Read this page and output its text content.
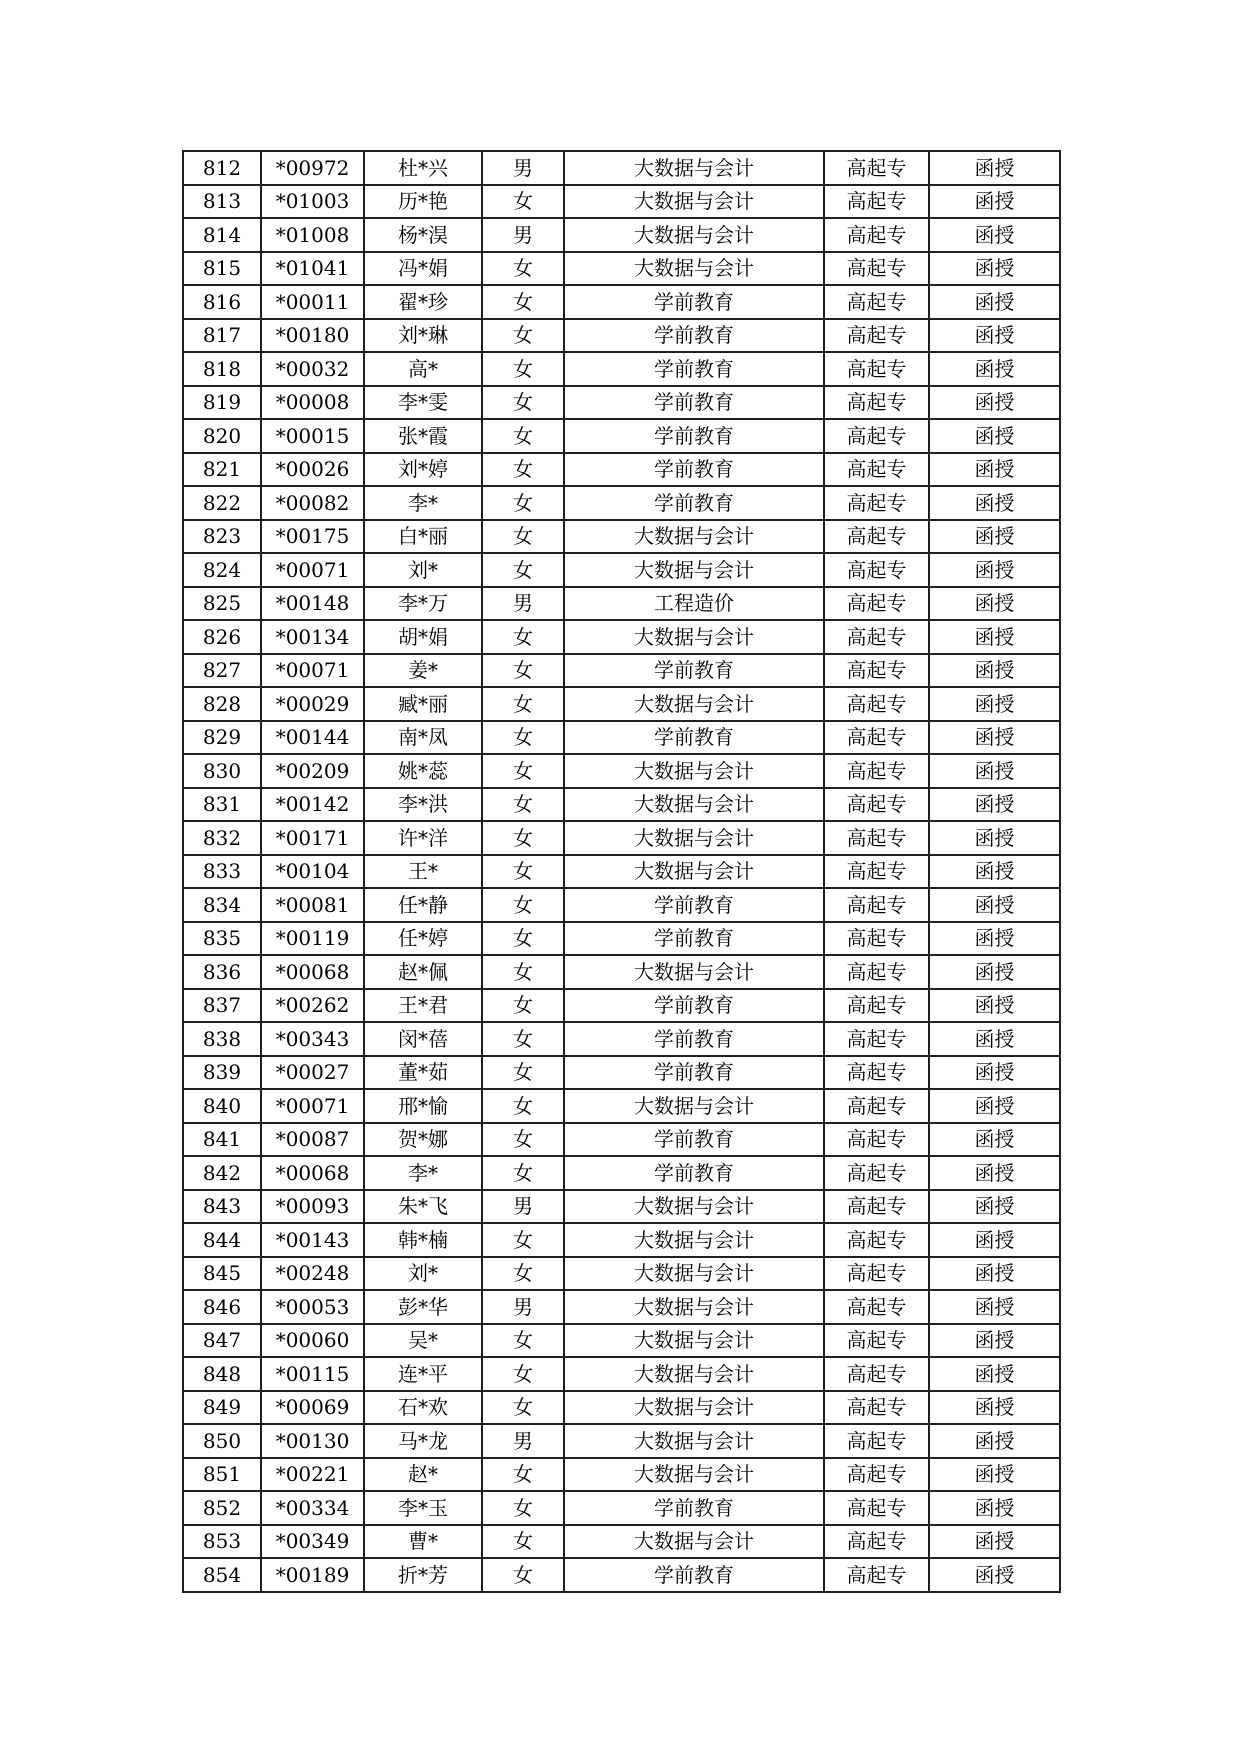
812	*00972	杜*兴	男	大数据与会计	高起专	函授
813	*01003	历*艳	女	大数据与会计	高起专	函授
814	*01008	杨*淏	男	大数据与会计	高起专	函授
815	*01041	冯*娟	女	大数据与会计	高起专	函授
816	*00011	翟*珍	女	学前教育	高起专	函授
817	*00180	刘*琳	女	学前教育	高起专	函授
818	*00032	高*	女	学前教育	高起专	函授
819	*00008	李*雯	女	学前教育	高起专	函授
820	*00015	张*霞	女	学前教育	高起专	函授
821	*00026	刘*婷	女	学前教育	高起专	函授
822	*00082	李*	女	学前教育	高起专	函授
823	*00175	白*丽	女	大数据与会计	高起专	函授
824	*00071	刘*	女	大数据与会计	高起专	函授
825	*00148	李*万	男	工程造价	高起专	函授
826	*00134	胡*娟	女	大数据与会计	高起专	函授
827	*00071	姜*	女	学前教育	高起专	函授
828	*00029	臧*丽	女	大数据与会计	高起专	函授
829	*00144	南*凤	女	学前教育	高起专	函授
830	*00209	姚*蕊	女	大数据与会计	高起专	函授
831	*00142	李*洪	女	大数据与会计	高起专	函授
832	*00171	许*洋	女	大数据与会计	高起专	函授
833	*00104	王*	女	大数据与会计	高起专	函授
834	*00081	任*静	女	学前教育	高起专	函授
835	*00119	任*婷	女	学前教育	高起专	函授
836	*00068	赵*佩	女	大数据与会计	高起专	函授
837	*00262	王*君	女	学前教育	高起专	函授
838	*00343	闵*蓓	女	学前教育	高起专	函授
839	*00027	董*茹	女	学前教育	高起专	函授
840	*00071	邢*愉	女	大数据与会计	高起专	函授
841	*00087	贺*娜	女	学前教育	高起专	函授
842	*00068	李*	女	学前教育	高起专	函授
843	*00093	朱*飞	男	大数据与会计	高起专	函授
844	*00143	韩*楠	女	大数据与会计	高起专	函授
845	*00248	刘*	女	大数据与会计	高起专	函授
846	*00053	彭*华	男	大数据与会计	高起专	函授
847	*00060	吴*	女	大数据与会计	高起专	函授
848	*00115	连*平	女	大数据与会计	高起专	函授
849	*00069	石*欢	女	大数据与会计	高起专	函授
850	*00130	马*龙	男	大数据与会计	高起专	函授
851	*00221	赵*	女	大数据与会计	高起专	函授
852	*00334	李*玉	女	学前教育	高起专	函授
853	*00349	曹*	女	大数据与会计	高起专	函授
854	*00189	折*芳	女	学前教育	高起专	函授
